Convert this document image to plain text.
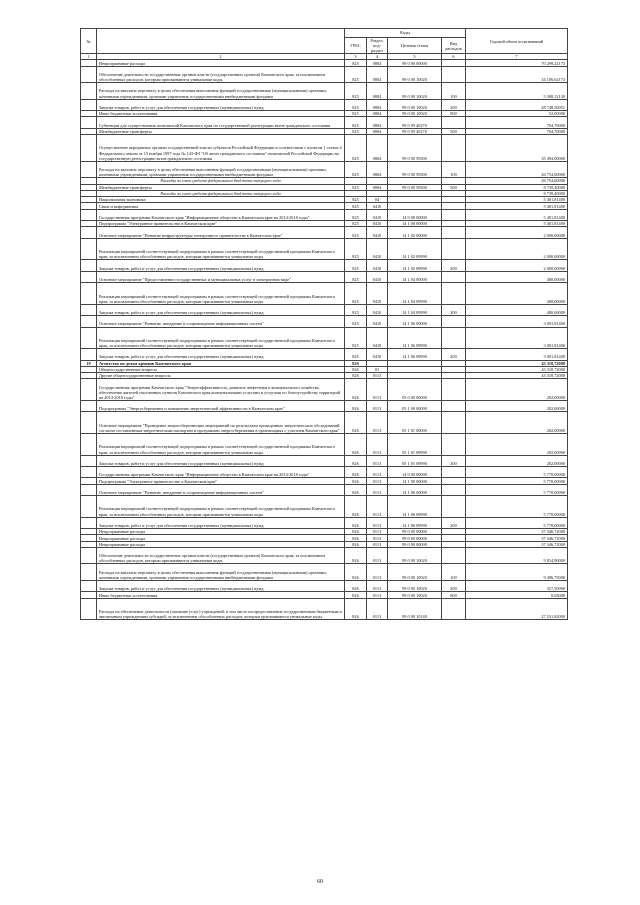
№		Коды				Годовой объем ассигнований
		ГРБС	Раздел, под-раздел	Целевая статья	Вид расходов	
1	2	3	4	5	6	7
	Непрограммные расходы	825	0804	99 0 00 00000		70 299,22173
	Обеспечение деятельности государственных органов власти (государственных органов) Камчатского края, за исключением обособленных расходов, которым присваиваются уникальные коды	825	0804	99 0 00 10020		34 106,62173
	Расходы на выплаты персоналу в целях обеспечения выполнения функций государственными (муниципальными) органами, казенными учреждениями, органами управления государственными внебюджетными фондами	825	0804	99 0 00 10020	100	5 308,12130
	Закупка товаров, работ и услуг для обеспечения государственных (муниципальных) нужд	825	0804	99 0 00 10020	200	28 748,50051
	Иные бюджетные ассигнования	825	0804	99 0 00 10020	800	52,00000
	Субвенции для осуществления полномочий Камчатского края по государственной регистрации актов гражданского состояния	825	0804	99 0 09 40270		704,70000
	Межбюджетные трансферты	825	0804	99 0 09 40270	500	704,70000
	Осуществление переданных органам государственной власти субъектов Российской Федерации в соответствии с пунктом 1 статьи 4 Федерального закона от 15 ноября 1997 года № 143-ФЗ "Об актах гражданского состояния" полномочий Российской Федерации на государственную регистрацию актов гражданского состояния	825	0804	99 0 00 59300		35 494,00000
	Расходы на выплаты персоналу в целях обеспечения выполнения функций государственными (муниципальными) органами, казенными учреждениями, органами управления государственными внебюджетными фондами	825	0804	99 0 00 59300	100	26 754,60000
	Расходы за счет средств федерального бюджета текущего года					26 754,60000
	Межбюджетные трансферты	825	0804	99 0 00 59300	500	8 739,40000
	Расходы за счет средств федерального бюджета текущего года					8 739,40000
	Национальная экономика	825	04			5 401,81400
	Связь и информатика	825	0410			5 401,81400
	Государственная программа Камчатского края "Информационное общество в Камчатском крае на 2014-2018 годы"	825	0410	14 0 00 00000		5 401,81400
	Подпрограмма "Электронное правительство в Камчатском крае"	825	0410	14 1 00 00000		5 401,81400
	Основное мероприятие "Развитие инфраструктуры электронного правительства в Камчатском крае"	825	0410	14 1 02 00000		2 000,00000
	Реализация мероприятий соответствующей подпрограммы в рамках соответствующей государственной программы Камчатского края, за исключением обособленных расходов, которым присваиваются уникальные коды	825	0410	14 1 02 09990		2 000,00000
	Закупка товаров, работ и услуг для обеспечения государственных (муниципальных) нужд	825	0410	14 1 02 09990	200	2 000,00000
	Основное мероприятие "Предоставление государственных и муниципальных услуг в электронном виде"	825	0410	14 1 04 00000		400,00000
	Реализация мероприятий соответствующей подпрограммы в рамках соответствующей государственной программы Камчатского края, за исключением обособленных расходов, которым присваиваются уникальные коды	825	0410	14 1 04 09990		400,00000
	Закупка товаров, работ и услуг для обеспечения государственных (муниципальных) нужд	825	0410	14 1 04 09990	200	400,00000
	Основное мероприятие "Развитие, внедрение и сопровождение информационных систем"	825	0410	14 1 06 00000		3 001,81400
	Реализация мероприятий соответствующей подпрограммы в рамках соответствующей государственной программы Камчатского края, за исключением обособленных расходов, которым присваиваются уникальные коды	825	0410	14 1 06 09990		3 001,81400
	Закупка товаров, работ и услуг для обеспечения государственных (муниципальных) нужд	825	0410	14 1 06 09990	200	3 001,81400
19	Агентство по делам архивов Камчатского края	826				43 318,72000
	Общегосударственные вопросы	826	01			43 318,72000
	Другие общегосударственные вопросы	826	0113			43 318,72000
	Государственная программа Камчатского края "Энергоэффективность, развитие энергетики и коммунального хозяйства, обеспечение жителей населенных пунктов Камчатского края коммунальными услугами и услугами по благоустройству территорий на 2014-2018 годы"	826	0113	05 0 00 00000		202,00000
	Подпрограмма "Энергосбережение и повышение энергетической эффективности в Камчатском крае"	826	0113	05 1 00 00000		202,00000
	Основное мероприятие "Проведение энергосберегающих мероприятий по результатам проведенных энергетических обследований, согласно составленным энергетическим паспортам и программам энергосбережения в организациях с участием Камчатского края"	826	0113	05 1 01 00000		202,00000
	Реализация мероприятий соответствующей подпрограммы в рамках соответствующей государственной программы Камчатского края, за исключением обособленных расходов, которым присваиваются уникальные коды	826	0113	05 1 01 09990		202,00000
	Закупка товаров, работ и услуг для обеспечения государственных (муниципальных) нужд	826	0113	05 1 01 09990	200	202,00000
	Государственная программа Камчатского края "Информационное общество в Камчатском крае на 2014-2018 годы"	826	0113	14 0 00 00000		5 770,00000
	Подпрограмма "Электронное правительство в Камчатском крае"	826	0113	14 1 00 00000		5 770,00000
	Основное мероприятие "Развитие, внедрение и сопровождение информационных систем"	826	0113	14 1 06 00000		5 770,00000
	Реализация мероприятий соответствующей подпрограммы в рамках соответствующей государственной программы Камчатского края, за исключением обособленных расходов, которым присваиваются уникальные коды	826	0113	14 1 06 09990		5 770,00000
	Закупка товаров, работ и услуг для обеспечения государственных (муниципальных) нужд	826	0113	14 1 06 09990	200	5 770,00000
	Непрограммные расходы	826	0113	99 0 00 00000		37 346,72000
	Непрограммные расходы	826	0113	99 0 00 00000		37 346,72000
	Непрограммные расходы	826	0113	99 0 00 00000		37 346,72000
	Обеспечение деятельности государственных органов власти (государственных органов) Камчатского края, за исключением обособленных расходов, которым присваиваются уникальные коды	826	0113	99 0 00 10020		9 814,90000
	Расходы на выплаты персоналу в целях обеспечения выполнения функций государственными (муниципальными) органами, казенными учреждениями, органами управления государственными внебюджетными фондами	826	0113	99 0 00 10020	100	9 496,75000
	Закупка товаров, работ и услуг для обеспечения государственных (муниципальных) нужд	826	0113	99 0 00 10020	200	317,50000
	Иные бюджетные ассигнования	826	0113	99 0 00 10020	800	0,65000
	Расходы на обеспечение деятельности (оказание услуг) учреждений, в том числе на предоставление государственным бюджетным и автономным учреждениям субсидий, за исключением обособленных расходов, которым присваиваются уникальные коды	826	0113	99 0 00 10140		27 531,82000
60
